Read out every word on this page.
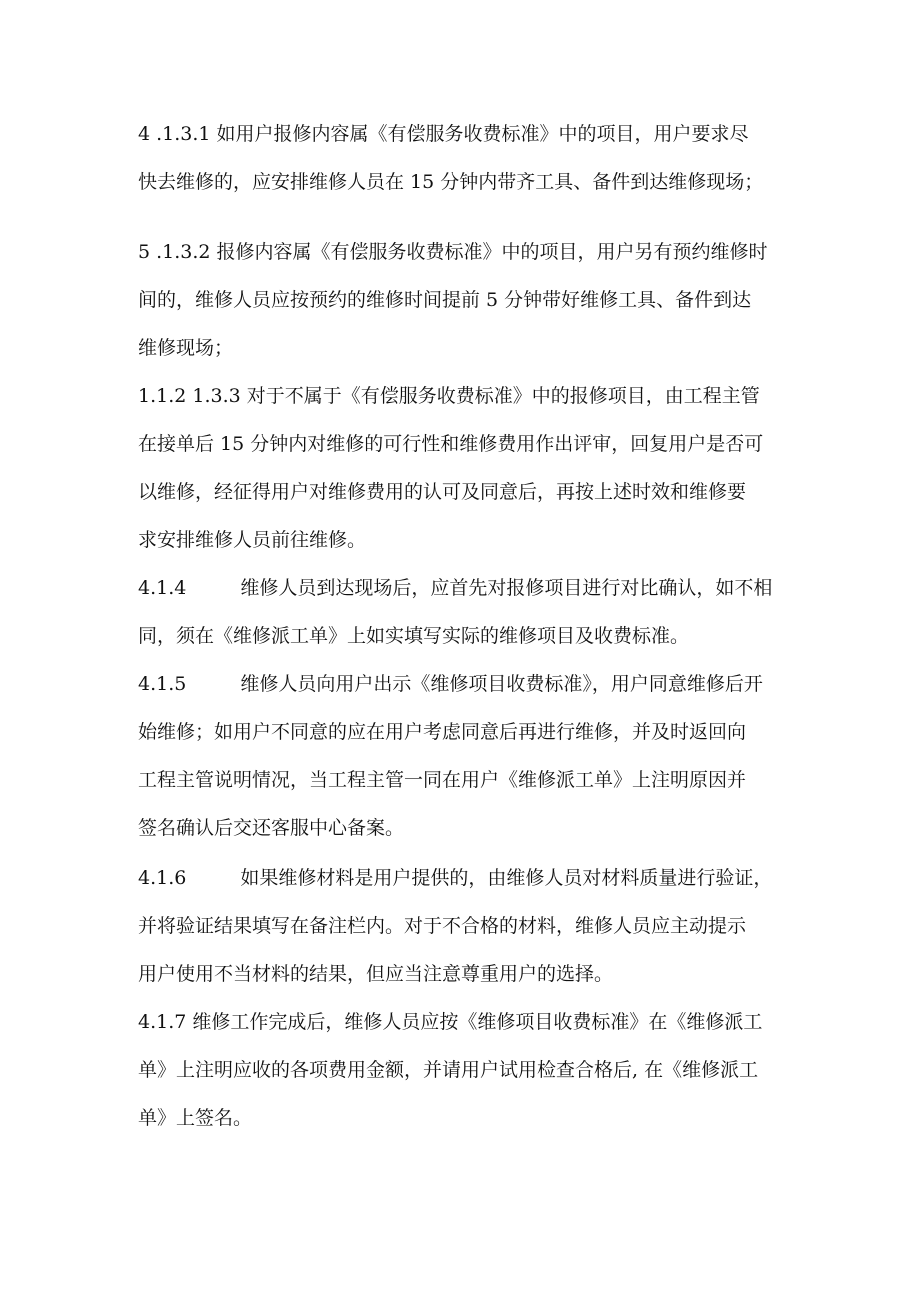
4 .1.3.1 如用户报修内容属《有偿服务收费标准》中的项目，用户要求尽
快去维修的，应安排维修人员在 15 分钟内带齐工具、备件到达维修现场；
5 .1.3.2 报修内容属《有偿服务收费标准》中的项目，用户另有预约维修时
间的，维修人员应按预约的维修时间提前 5 分钟带好维修工具、备件到达
维修现场；
1.1.2 1.3.3 对于不属于《有偿服务收费标准》中的报修项目，由工程主管
在接单后 15 分钟内对维修的可行性和维修费用作出评审，回复用户是否可
以维修，经征得用户对维修费用的认可及同意后，再按上述时效和维修要
求安排维修人员前往维修。
4.1.4	维修人员到达现场后，应首先对报修项目进行对比确认，如不相
同，须在《维修派工单》上如实填写实际的维修项目及收费标准。
4.1.5	维修人员向用户出示《维修项目收费标准》，用户同意维修后开
始维修；如用户不同意的应在用户考虑同意后再进行维修，并及时返回向
工程主管说明情况，当工程主管一同在用户《维修派工单》上注明原因并
签名确认后交还客服中心备案。
4.1.6	如果维修材料是用户提供的，由维修人员对材料质量进行验证，
并将验证结果填写在备注栏内。对于不合格的材料，维修人员应主动提示
用户使用不当材料的结果，但应当注意尊重用户的选择。
4.1.7 维修工作完成后，维修人员应按《维修项目收费标准》在《维修派工
单》上注明应收的各项费用金额，并请用户试用检查合格后, 在《维修派工
单》上签名。
